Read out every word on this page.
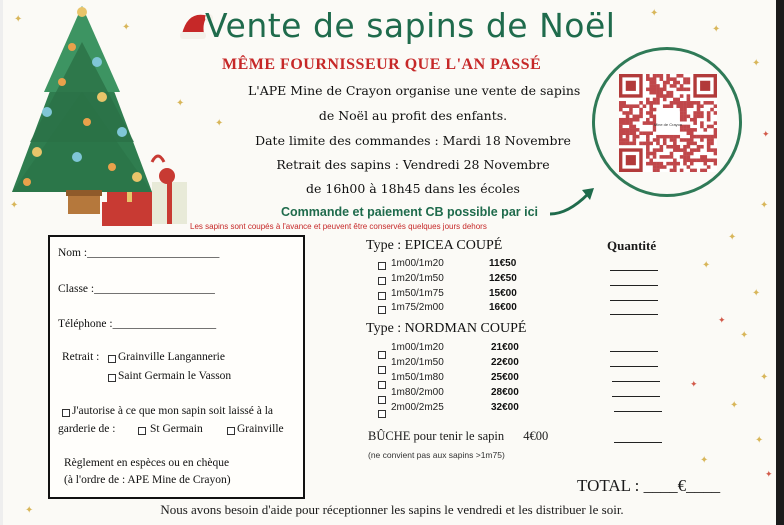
✦
✦
✦
✦
✦
✦
✦
✦
✦
✦
✦
✦
✦
✦
✦
✦
✦
✦
✦
✦
✦
✦
Vente de sapins de Noël
MÊME FOURNISSEUR QUE L'AN PASSÉ
L'APE Mine de Crayon organise une vente de sapins
de Noël au profit des enfants.
Date limite des commandes : Mardi 18 Novembre
Retrait des sapins : Vendredi 28 Novembre
de 16h00 à 18h45 dans les écoles
Commande et paiement CB possible par ici
Les sapins sont coupés à l'avance et peuvent être conservés quelques jours dehors
Mine de Crayon
Nom :_______________________
Classe :_____________________
Téléphone :__________________
Retrait : Grainville Langannerie
Saint Germain le Vasson
J'autorise à ce que mon sapin soit laissé à la
garderie de :	St Germain	Grainville
Règlement en espèces ou en chèque
(à l'ordre de : APE Mine de Crayon)
Type : EPICEA COUPÉ	Quantité
1m00/1m20	11€50
1m20/1m50	12€50
1m50/1m75	15€00
1m75/2m00	16€00
Type : NORDMAN COUPÉ
1m00/1m20	21€00
1m20/1m50	22€00
1m50/1m80	25€00
1m80/2m00	28€00
2m00/2m25	32€00
BÛCHE pour tenir le sapin 4€00
(ne convient pas aux sapins >1m75)
TOTAL : ____€____
Nous avons besoin d'aide pour réceptionner les sapins le vendredi et les distribuer le soir.
